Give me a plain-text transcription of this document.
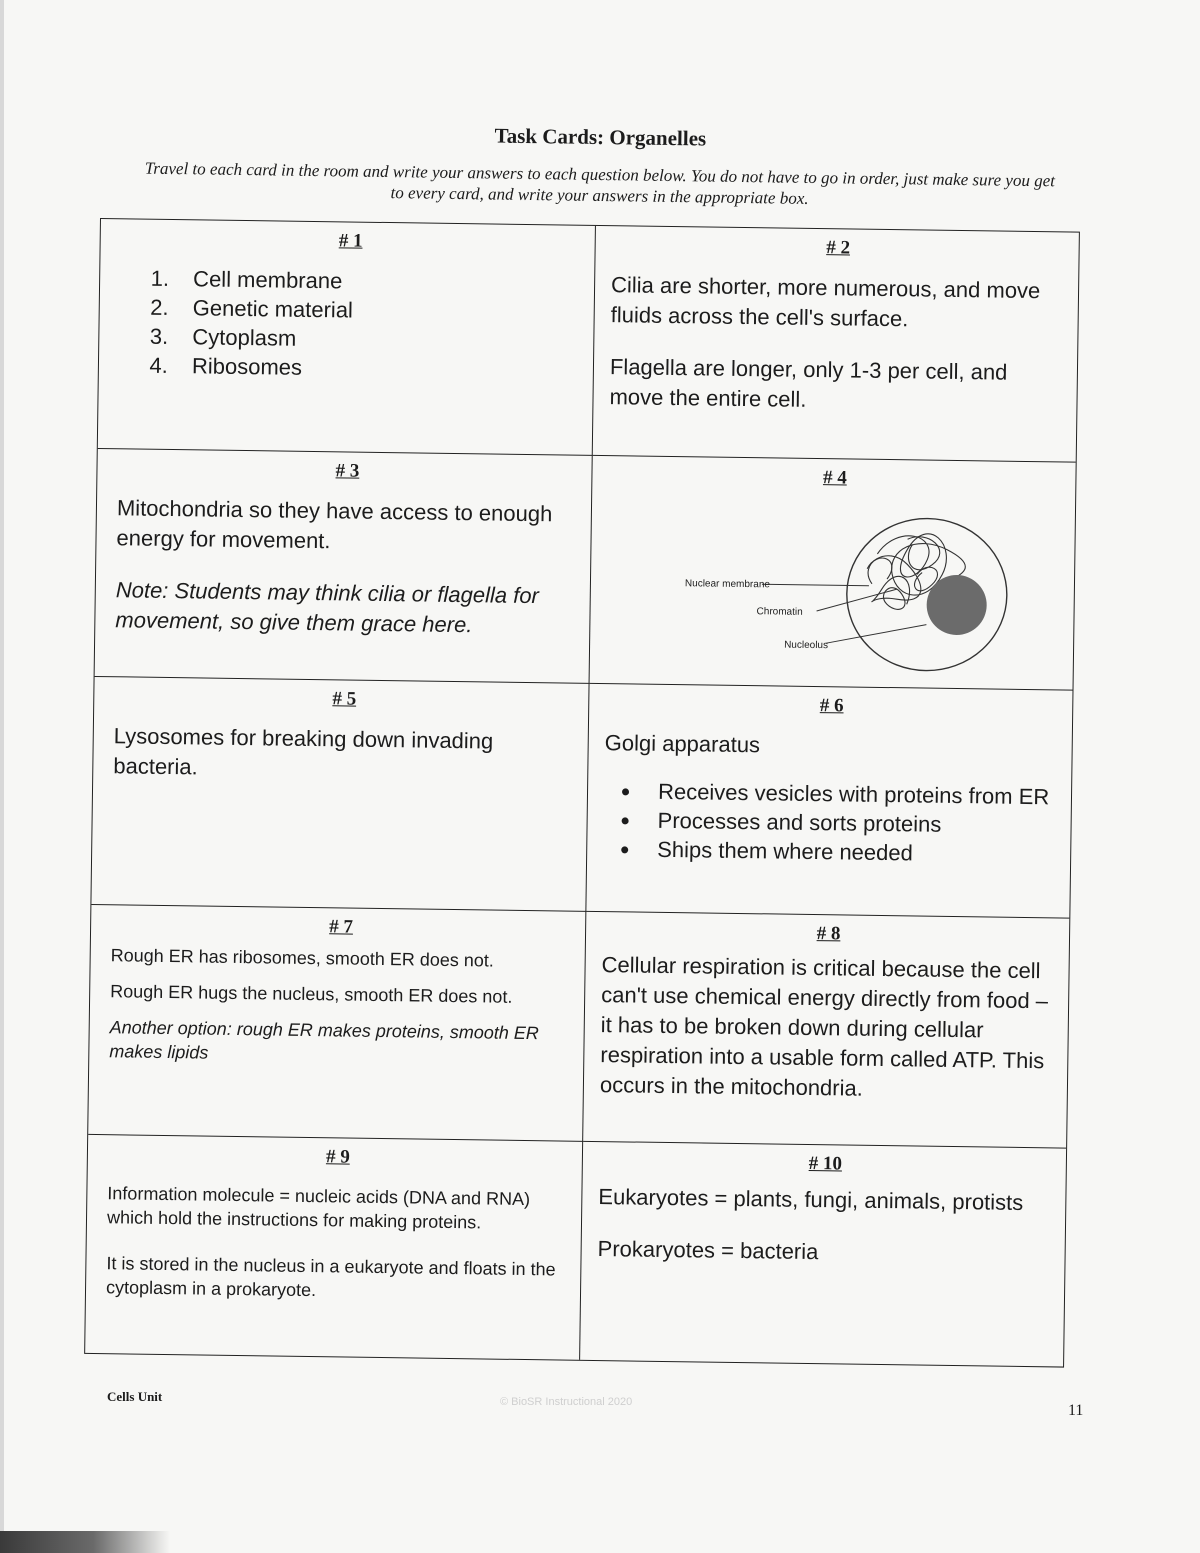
Task Cards: Organelles
Travel to each card in the room and write your answers to each question below. You do not have to go in order, just make sure you get to every card, and write your answers in the appropriate box.
# 1
1. Cell membrane
2. Genetic material
3. Cytoplasm
4. Ribosomes
# 2

Cilia are shorter, more numerous, and move fluids across the cell's surface.

Flagella are longer, only 1-3 per cell, and move the entire cell.

# 3

Mitochondria so they have access to enough energy for movement.

Note: Students may think cilia or flagella for movement, so give them grace here.

# 4
Nuclear membrane
Chromatin
Nucleolus
# 5

Lysosomes for breaking down invading bacteria.

# 6

Golgi apparatus

• Receives vesicles with proteins from ER
• Processes and sorts proteins
• Ships them where needed
# 7

Rough ER has ribosomes, smooth ER does not.

Rough ER hugs the nucleus, smooth ER does not.

Another option: rough ER makes proteins, smooth ER makes lipids

# 8

Cellular respiration is critical because the cell can't use chemical energy directly from food – it has to be broken down during cellular respiration into a usable form called ATP. This occurs in the mitochondria.

# 9

Information molecule = nucleic acids (DNA and RNA) which hold the instructions for making proteins.

It is stored in the nucleus in a eukaryote and floats in the cytoplasm in a prokaryote.

# 10

Eukaryotes = plants, fungi, animals, protists

Prokaryotes = bacteria

Cells Unit	© BioSR Instructional 2020	11
